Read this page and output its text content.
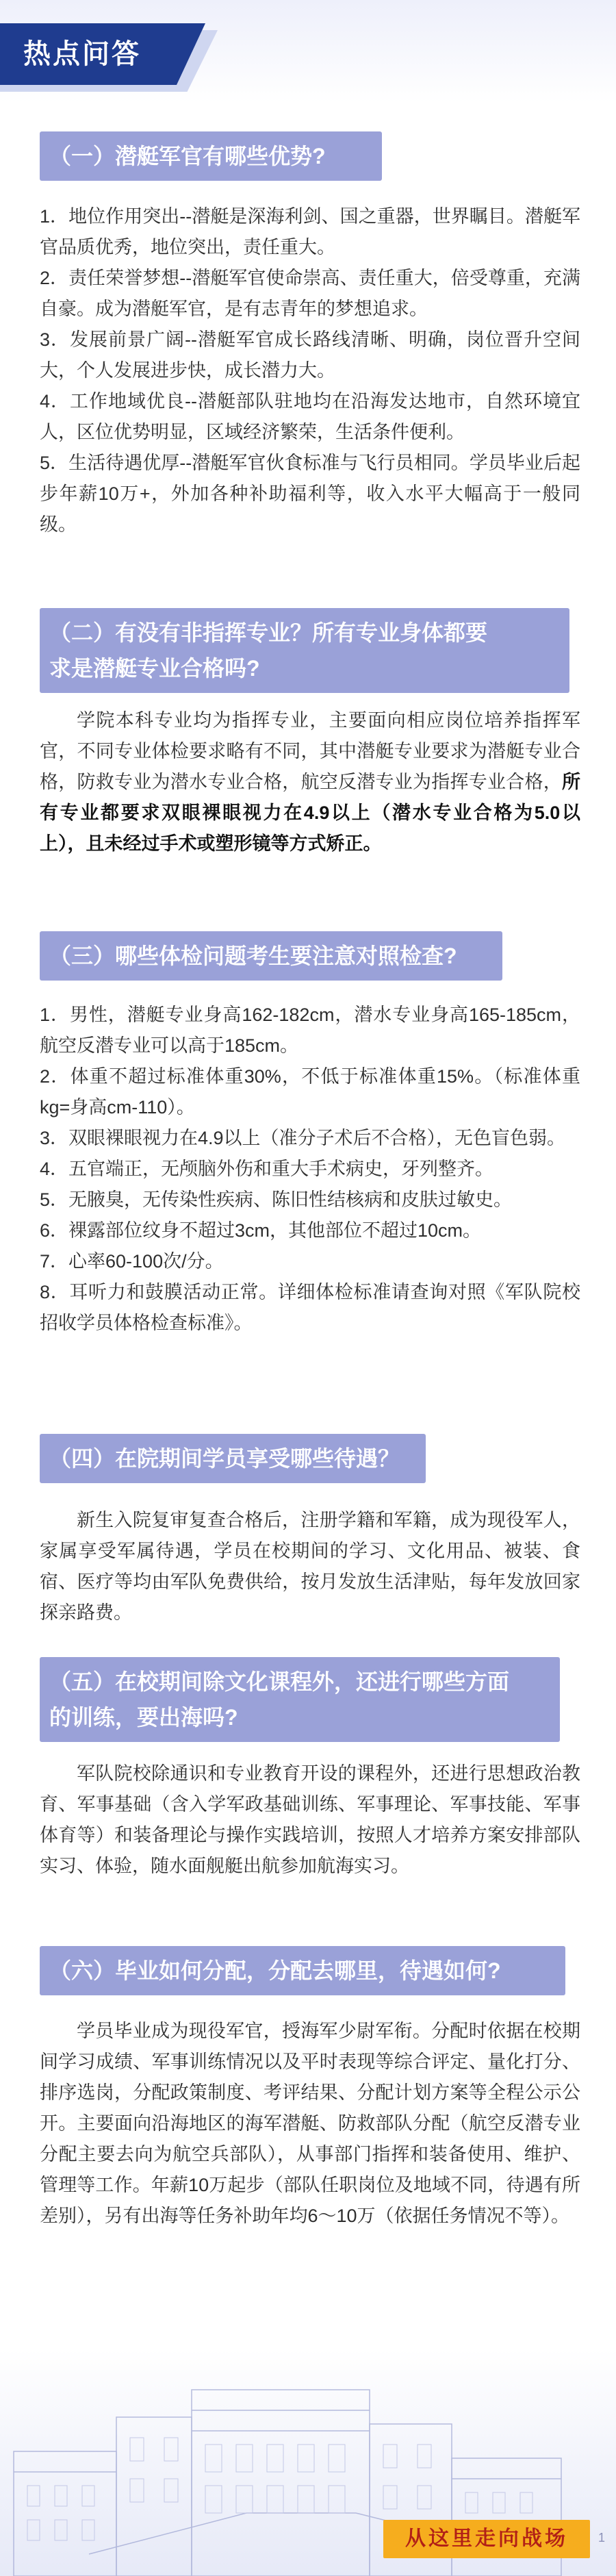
热点问答
（一）潜艇军官有哪些优势?

1．地位作用突出--潜艇是深海利剑、国之重器，世界瞩目。潜艇军官品质优秀，地位突出，责任重大。

2．责任荣誉梦想--潜艇军官使命崇高、责任重大，倍受尊重，充满自豪。成为潜艇军官，是有志青年的梦想追求。

3．发展前景广阔--潜艇军官成长路线清晰、明确，岗位晋升空间大，个人发展进步快，成长潜力大。

4．工作地域优良--潜艇部队驻地均在沿海发达地市，自然环境宜人，区位优势明显，区域经济繁荣，生活条件便利。

5．生活待遇优厚--潜艇军官伙食标准与飞行员相同。学员毕业后起步年薪10万+，外加各种补助福利等，收入水平大幅高于一般同级。

（二）有没有非指挥专业？所有专业身体都要
求是潜艇专业合格吗?
学院本科专业均为指挥专业，主要面向相应岗位培养指挥军官，不同专业体检要求略有不同，其中潜艇专业要求为潜艇专业合格，防救专业为潜水专业合格，航空反潜专业为指挥专业合格，所有专业都要求双眼裸眼视力在4.9以上（潜水专业合格为5.0以上），且未经过手术或塑形镜等方式矫正。
（三）哪些体检问题考生要注意对照检查?

1．男性，潜艇专业身高162-182cm，潜水专业身高165-185cm，航空反潜专业可以高于185cm。

2．体重不超过标准体重30%，不低于标准体重15%。（标准体重kg=身高cm-110）。

3．双眼裸眼视力在4.9以上（准分子术后不合格），无色盲色弱。

4．五官端正，无颅脑外伤和重大手术病史，牙列整齐。

5．无腋臭，无传染性疾病、陈旧性结核病和皮肤过敏史。

6．裸露部位纹身不超过3cm，其他部位不超过10cm。

7．心率60-100次/分。

8．耳听力和鼓膜活动正常。详细体检标准请查询对照《军队院校招收学员体格检查标准》。

（四）在院期间学员享受哪些待遇？
新生入院复审复查合格后，注册学籍和军籍，成为现役军人，家属享受军属待遇，学员在校期间的学习、文化用品、被装、食宿、医疗等均由军队免费供给，按月发放生活津贴，每年发放回家探亲路费。
（五）在校期间除文化课程外，还进行哪些方面
的训练，要出海吗?
军队院校除通识和专业教育开设的课程外，还进行思想政治教育、军事基础（含入学军政基础训练、军事理论、军事技能、军事体育等）和装备理论与操作实践培训，按照人才培养方案安排部队实习、体验，随水面舰艇出航参加航海实习。
（六）毕业如何分配，分配去哪里，待遇如何?
学员毕业成为现役军官，授海军少尉军衔。分配时依据在校期间学习成绩、军事训练情况以及平时表现等综合评定、量化打分、排序选岗，分配政策制度、考评结果、分配计划方案等全程公示公开。主要面向沿海地区的海军潜艇、防救部队分配（航空反潜专业分配主要去向为航空兵部队），从事部门指挥和装备使用、维护、管理等工作。年薪10万起步（部队任职岗位及地域不同，待遇有所差别），另有出海等任务补助年均6～10万（依据任务情况不等）。
从这里走向战场	1
